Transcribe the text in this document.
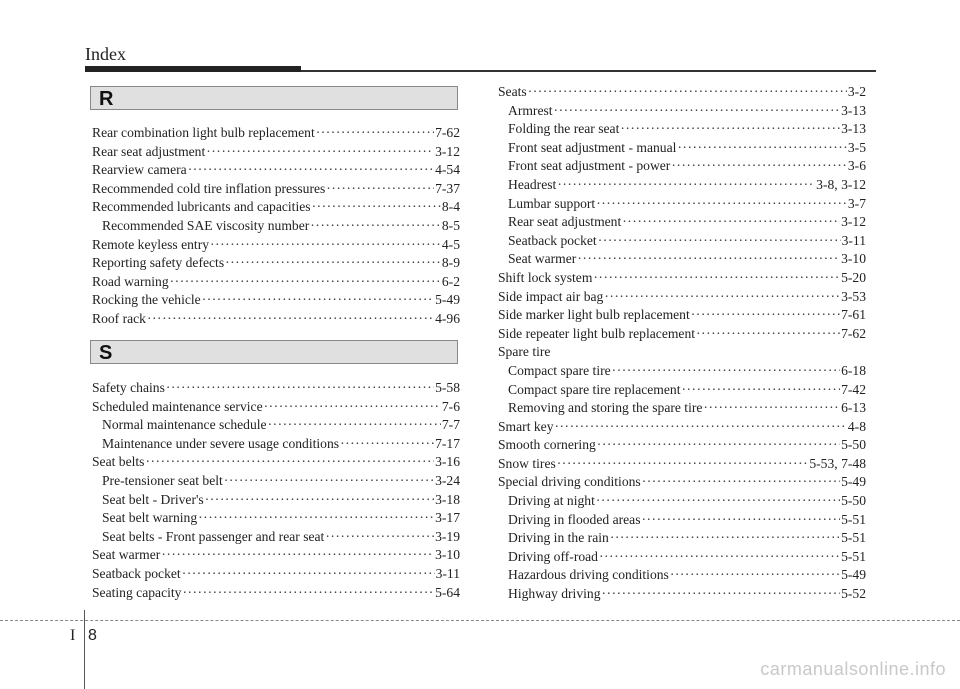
Index
R
Rear combination light bulb replacement ·····	7-62
Rear seat adjustment ·····	3-12
Rearview camera ·····	4-54
Recommended cold tire inflation pressures ·····	7-37
Recommended lubricants and capacities ·····	8-4
Recommended SAE viscosity number ·····	8-5
Remote keyless entry ·····	4-5
Reporting safety defects ·····	8-9
Road warning ·····	6-2
Rocking the vehicle ·····	5-49
Roof rack ·····	4-96
S
Safety chains ·····	5-58
Scheduled maintenance service ·····	7-6
Normal maintenance schedule ·····	7-7
Maintenance under severe usage conditions ·····	7-17
Seat belts ·····	3-16
Pre-tensioner seat belt ·····	3-24
Seat belt - Driver's ·····	3-18
Seat belt warning ·····	3-17
Seat belts - Front passenger and rear seat ·····	3-19
Seat warmer ·····	3-10
Seatback pocket ·····	3-11
Seating capacity ·····	5-64
Seats ·····	3-2
Armrest ·····	3-13
Folding the rear seat ·····	3-13
Front seat adjustment - manual ·····	3-5
Front seat adjustment - power ·····	3-6
Headrest ·····	3-8, 3-12
Lumbar support ·····	3-7
Rear seat adjustment ·····	3-12
Seatback pocket ·····	3-11
Seat warmer ·····	3-10
Shift lock system ·····	5-20
Side impact air bag ·····	3-53
Side marker light bulb replacement ·····	7-61
Side repeater light bulb replacement ·····	7-62
Spare tire
Compact spare tire ·····	6-18
Compact spare tire replacement ·····	7-42
Removing and storing the spare tire ·····	6-13
Smart key ·····	4-8
Smooth cornering ·····	5-50
Snow tires ·····	5-53, 7-48
Special driving conditions ·····	5-49
Driving at night ·····	5-50
Driving in flooded areas ·····	5-51
Driving in the rain ·····	5-51
Driving off-road ·····	5-51
Hazardous driving conditions ·····	5-49
Highway driving ·····	5-52
I 8
carmanualsonline.info
